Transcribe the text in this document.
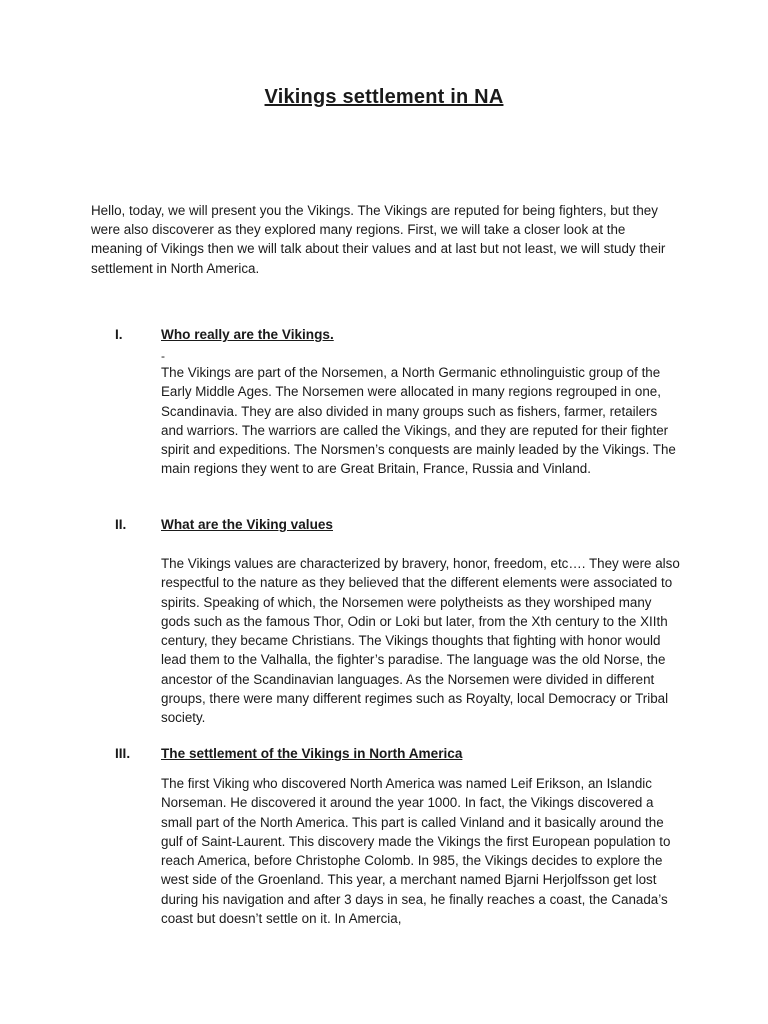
Vikings settlement in NA

Hello, today, we will present you the Vikings. The Vikings are reputed for being fighters, but they were also discoverer as they explored many regions. First, we will take a closer look at the meaning of Vikings then we will talk about their values and at last but not least, we will study their settlement in North America.

I.	Who really are the Vikings.
-

The Vikings are part of the Norsemen, a North Germanic ethnolinguistic group of the Early Middle Ages. The Norsemen were allocated in many regions regrouped in one, Scandinavia. They are also divided in many groups such as fishers, farmer, retailers and warriors. The warriors are called the Vikings, and they are reputed for their fighter spirit and expeditions. The Norsmen’s conquests are mainly leaded by the Vikings. The main regions they went to are Great Britain, France, Russia and Vinland.

II.	What are the Viking values

The Vikings values are characterized by bravery, honor, freedom, etc…. They were also respectful to the nature as they believed that the different elements were associated to spirits. Speaking of which, the Norsemen were polytheists as they worshiped many gods such as the famous Thor, Odin or Loki but later, from the Xth century to the XIIth century, they became Christians. The Vikings thoughts that fighting with honor would lead them to the Valhalla, the fighter’s paradise. The language was the old Norse, the ancestor of the Scandinavian languages. As the Norsemen were divided in different groups, there were many different regimes such as Royalty, local Democracy or Tribal society.

III. The settlement of the Vikings in North America

The first Viking who discovered North America was named Leif Erikson, an Islandic Norseman. He discovered it around the year 1000. In fact, the Vikings discovered a small part of the North America. This part is called Vinland and it basically around the gulf of Saint-Laurent. This discovery made the Vikings the first European population to reach America, before Christophe Colomb. In 985, the Vikings decides to explore the west side of the Groenland. This year, a merchant named Bjarni Herjolfsson get lost during his navigation and after 3 days in sea, he finally reaches a coast, the Canada’s coast but doesn’t settle on it. In Amercia,
